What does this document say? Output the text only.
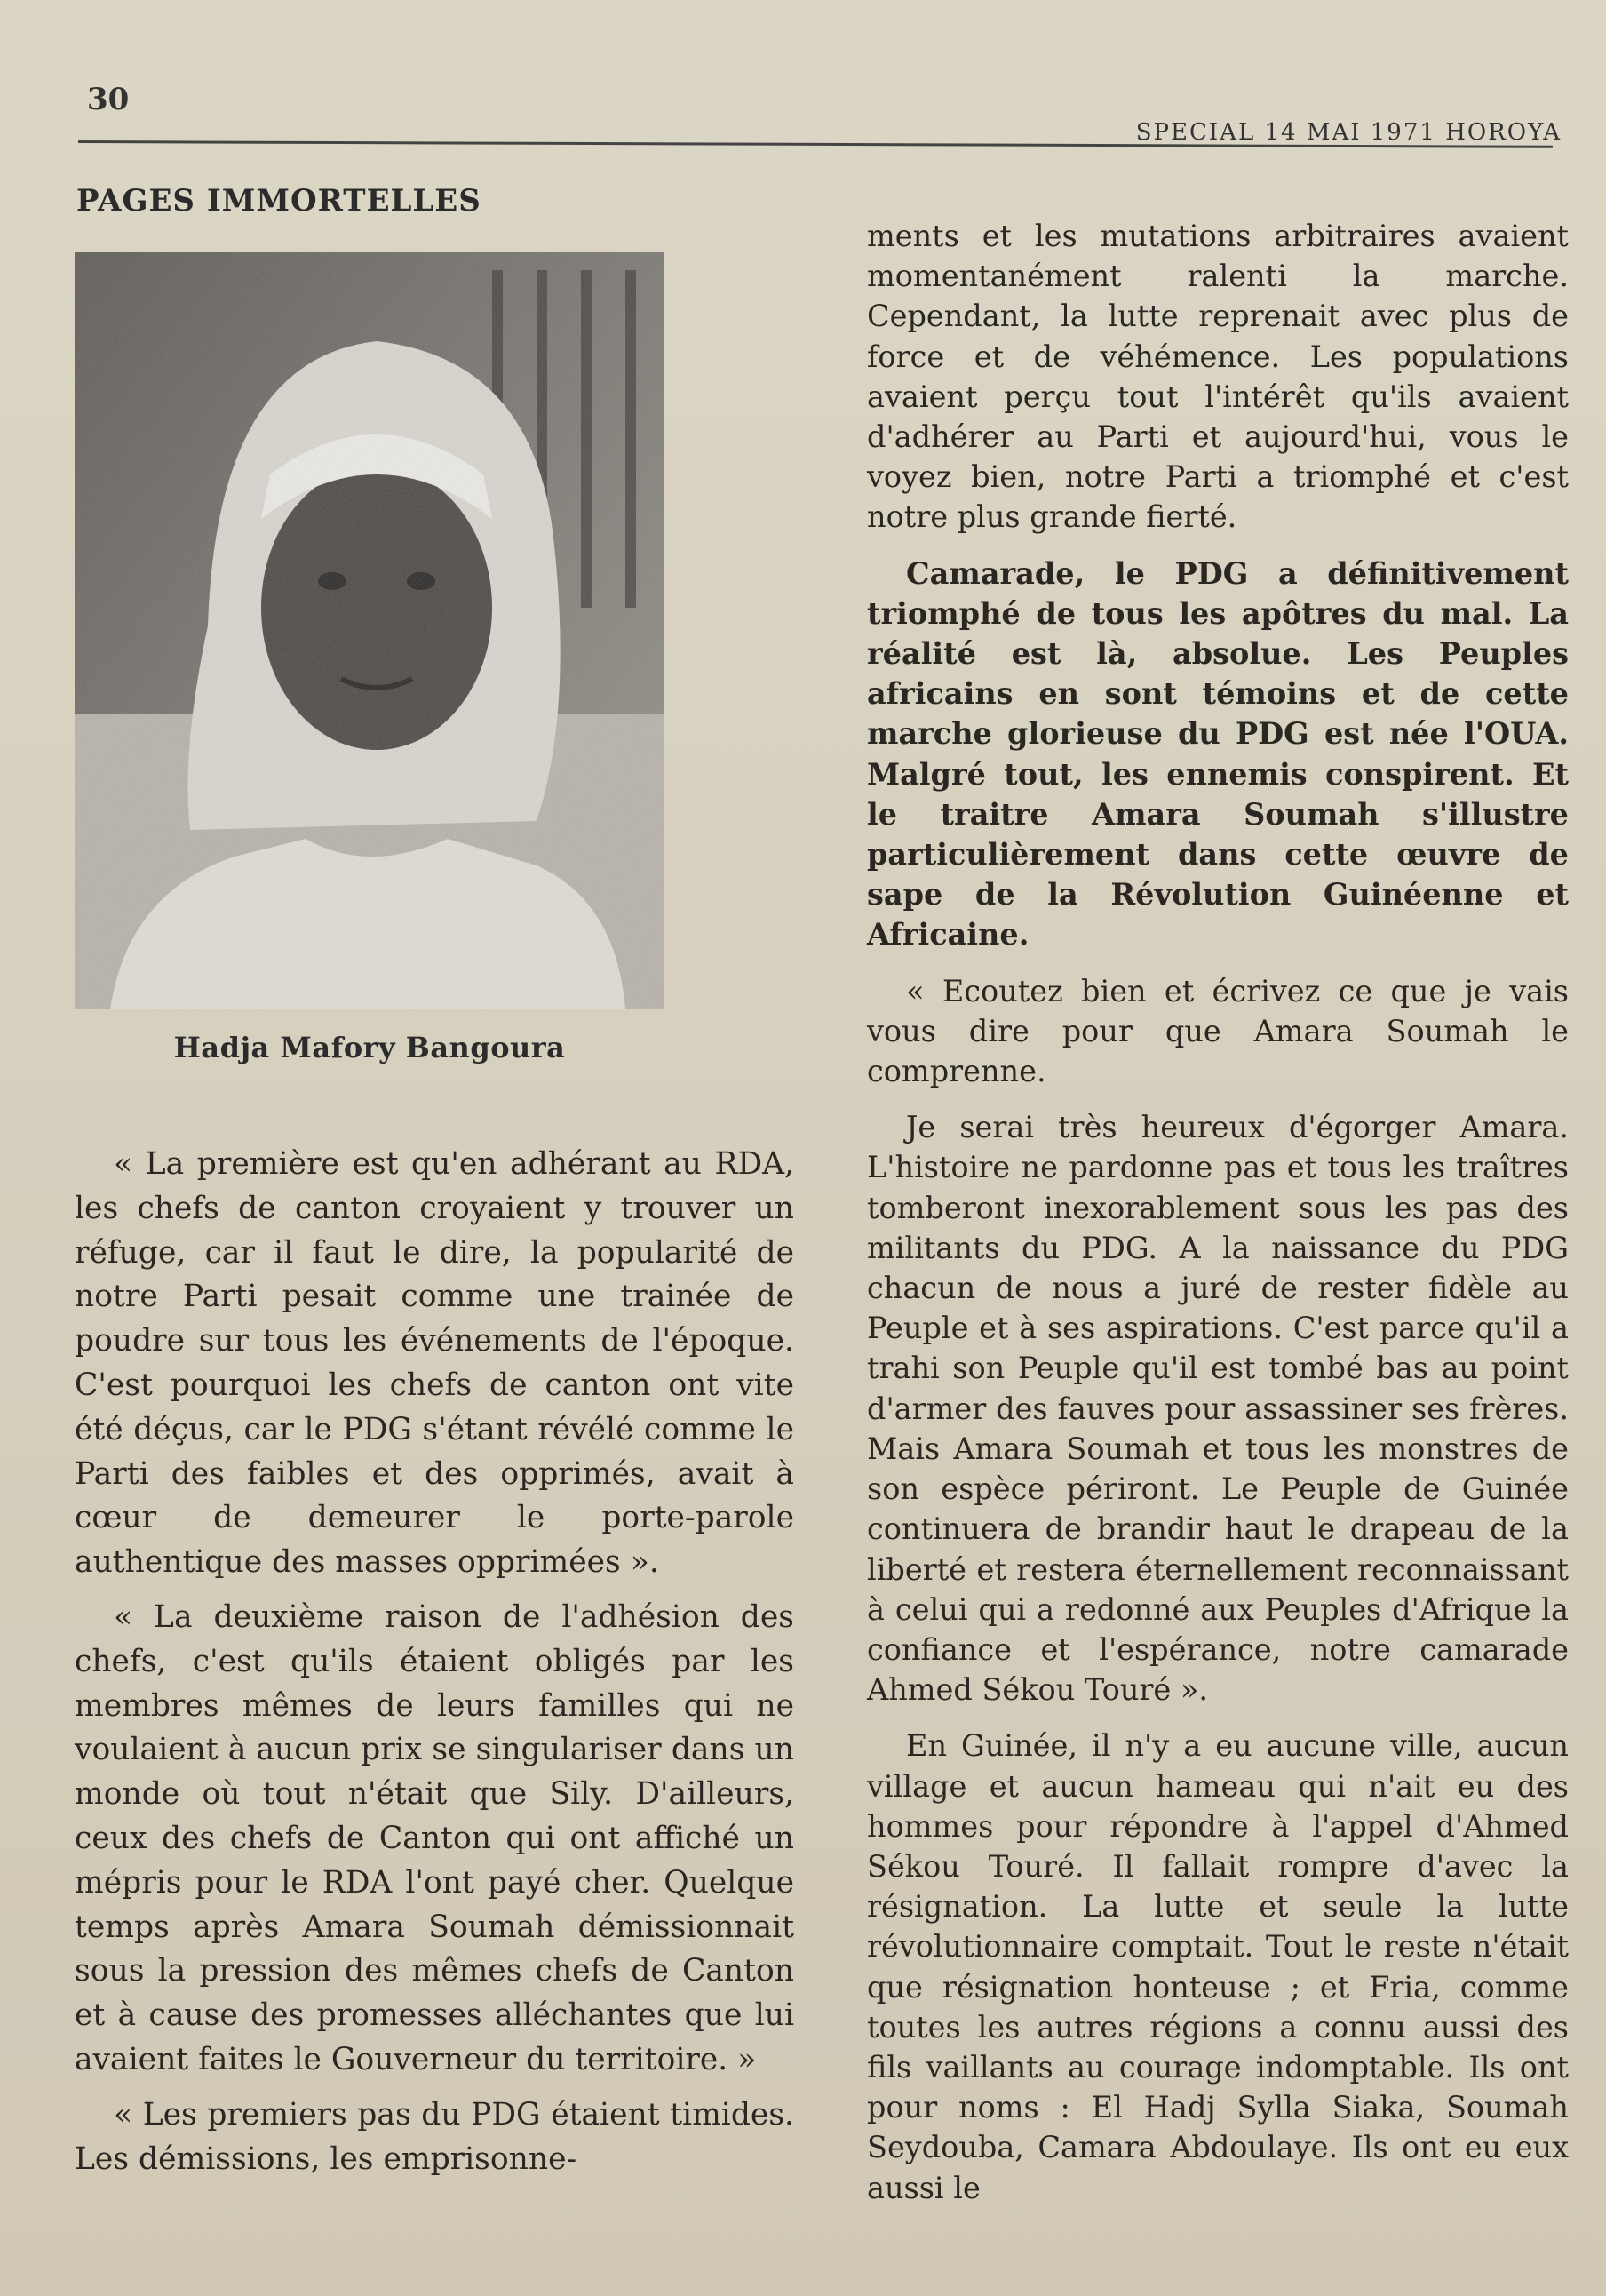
30
SPECIAL 14 MAI 1971 HOROYA
PAGES IMMORTELLES
Hadja Mafory Bangoura

« La première est qu'en adhérant au RDA, les chefs de canton croyaient y trouver un réfuge, car il faut le dire, la popularité de notre Parti pesait comme une trainée de poudre sur tous les événements de l'époque. C'est pourquoi les chefs de canton ont vite été déçus, car le PDG s'étant révélé comme le Parti des faibles et des opprimés, avait à cœur de demeurer le porte-parole authentique des masses opprimées ».

« La deuxième raison de l'adhésion des chefs, c'est qu'ils étaient obligés par les membres mêmes de leurs familles qui ne voulaient à aucun prix se singulariser dans un monde où tout n'était que Sily. D'ailleurs, ceux des chefs de Canton qui ont affiché un mépris pour le RDA l'ont payé cher. Quelque temps après Amara Soumah démissionnait sous la pression des mêmes chefs de Canton et à cause des promesses alléchantes que lui avaient faites le Gouverneur du territoire. »

« Les premiers pas du PDG étaient timides. Les démissions, les emprisonne-

ments et les mutations arbitraires avaient momentanément ralenti la marche. Cependant, la lutte reprenait avec plus de force et de véhémence. Les populations avaient perçu tout l'intérêt qu'ils avaient d'adhérer au Parti et aujourd'hui, vous le voyez bien, notre Parti a triomphé et c'est notre plus grande fierté.

Camarade, le PDG a définitivement triomphé de tous les apôtres du mal. La réalité est là, absolue. Les Peuples africains en sont témoins et de cette marche glorieuse du PDG est née l'OUA. Malgré tout, les ennemis conspirent. Et le traitre Amara Soumah s'illustre particulièrement dans cette œuvre de sape de la Révolution Guinéenne et Africaine.

« Ecoutez bien et écrivez ce que je vais vous dire pour que Amara Soumah le comprenne.

Je serai très heureux d'égorger Amara. L'histoire ne pardonne pas et tous les traîtres tomberont inexorablement sous les pas des militants du PDG. A la naissance du PDG chacun de nous a juré de rester fidèle au Peuple et à ses aspirations. C'est parce qu'il a trahi son Peuple qu'il est tombé bas au point d'armer des fauves pour assassiner ses frères. Mais Amara Soumah et tous les monstres de son espèce périront. Le Peuple de Guinée continuera de brandir haut le drapeau de la liberté et restera éternellement reconnaissant à celui qui a redonné aux Peuples d'Afrique la confiance et l'espérance, notre camarade Ahmed Sékou Touré ».

En Guinée, il n'y a eu aucune ville, aucun village et aucun hameau qui n'ait eu des hommes pour répondre à l'appel d'Ahmed Sékou Touré. Il fallait rompre d'avec la résignation. La lutte et seule la lutte révolutionnaire comptait. Tout le reste n'était que résignation honteuse ; et Fria, comme toutes les autres régions a connu aussi des fils vaillants au courage indomptable. Ils ont pour noms : El Hadj Sylla Siaka, Soumah Seydouba, Camara Abdoulaye. Ils ont eu eux aussi le
